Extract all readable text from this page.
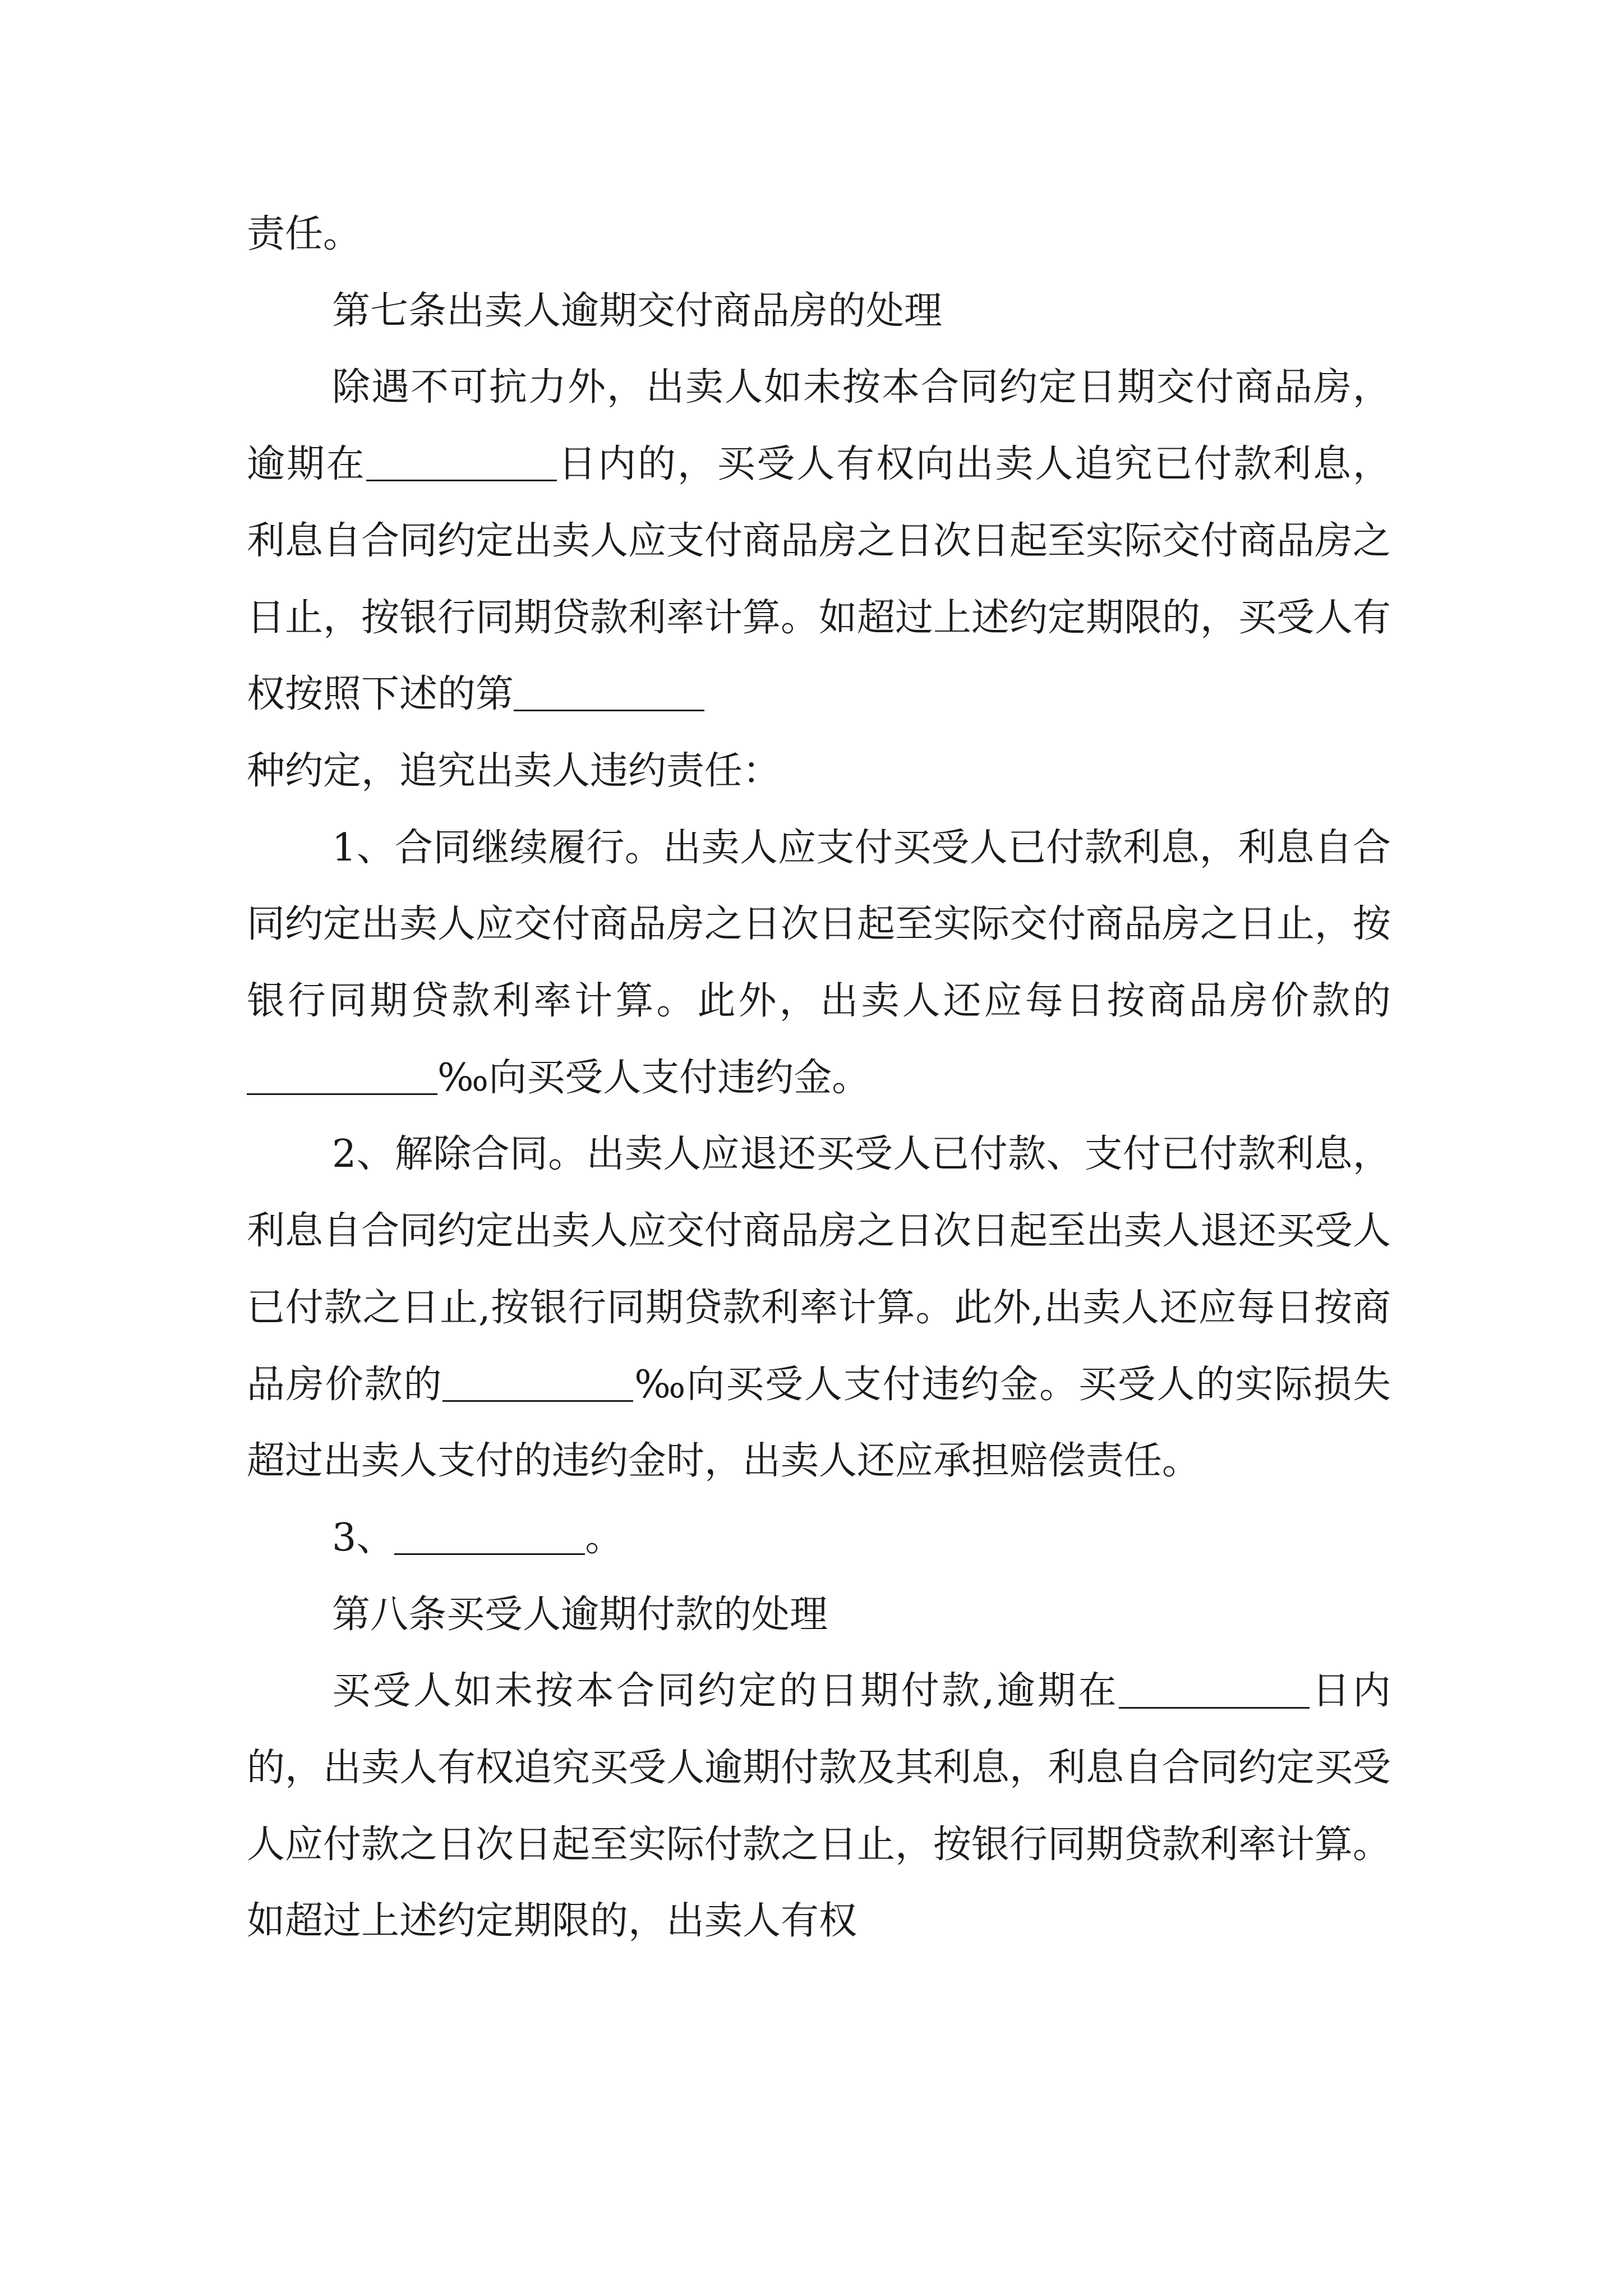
责任。

第七条出卖人逾期交付商品房的处理

除遇不可抗力外，出卖人如未按本合同约定日期交付商品房，逾期在	日内的，买受人有权向出卖人追究已付款利息，利息自合同约定出卖人应支付商品房之日次日起至实际交付商品房之日止，按银行同期贷款利率计算。如超过上述约定期限的，买受人有权按照下述的第
种约定，追究出卖人违约责任：

1、合同继续履行。出卖人应支付买受人已付款利息，利息自合同约定出卖人应交付商品房之日次日起至实际交付商品房之日止，按银行同期贷款利率计算。此外，出卖人还应每日按商品房价款的‰向买受人支付违约金。

2、解除合同。出卖人应退还买受人已付款、支付已付款利息，利息自合同约定出卖人应交付商品房之日次日起至出卖人退还买受人已付款之日止,按银行同期贷款利率计算。此外,出卖人还应每日按商品房价款的	‰向买受人支付违约金。买受人的实际损失超过出卖人支付的违约金时，出卖人还应承担赔偿责任。

3、	。

第八条买受人逾期付款的处理

买受人如未按本合同约定的日期付款,逾期在	日内的，出卖人有权追究买受人逾期付款及其利息，利息自合同约定买受人应付款之日次日起至实际付款之日止，按银行同期贷款利率计算。如超过上述约定期限的，出卖人有权
